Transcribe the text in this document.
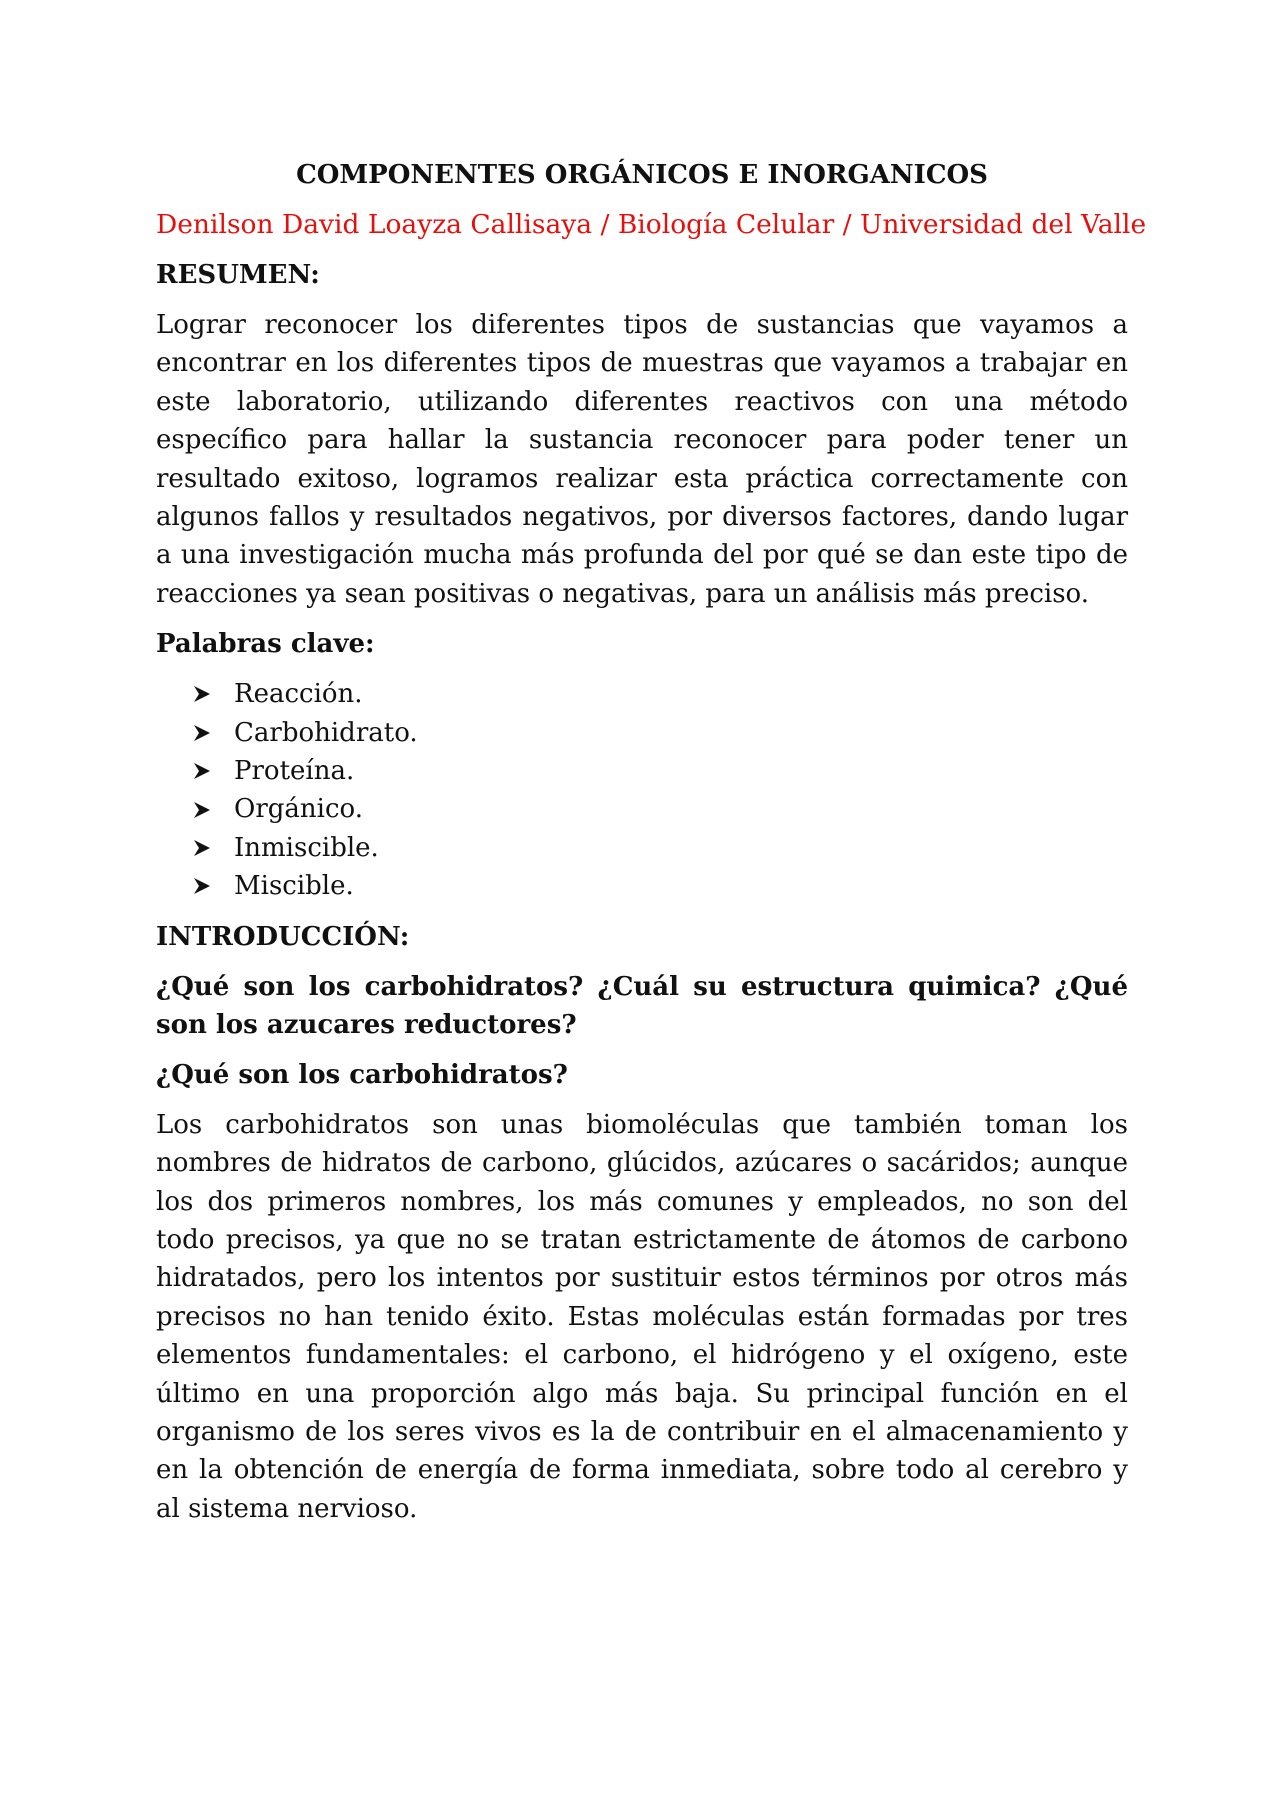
COMPONENTES ORGÁNICOS E INORGANICOS
Denilson David Loayza Callisaya / Biología Celular / Universidad del Valle
RESUMEN:
Lograr reconocer los diferentes tipos de sustancias que vayamos a encontrar en los diferentes tipos de muestras que vayamos a trabajar en este laboratorio, utilizando diferentes reactivos con una método específico para hallar la sustancia reconocer para poder tener un resultado exitoso, logramos realizar esta práctica correctamente con algunos fallos y resultados negativos, por diversos factores, dando lugar a una investigación mucha más profunda del por qué se dan este tipo de reacciones ya sean positivas o negativas, para un análisis más preciso.
Palabras clave:
Reacción.
Carbohidrato.
Proteína.
Orgánico.
Inmiscible.
Miscible.
INTRODUCCIÓN:
¿Qué son los carbohidratos? ¿Cuál su estructura quimica? ¿Qué son los azucares reductores?
¿Qué son los carbohidratos?
Los carbohidratos son unas biomoléculas que también toman los nombres de hidratos de carbono, glúcidos, azúcares o sacáridos; aunque los dos primeros nombres, los más comunes y empleados, no son del todo precisos, ya que no se tratan estrictamente de átomos de carbono hidratados, pero los intentos por sustituir estos términos por otros más precisos no han tenido éxito. Estas moléculas están formadas por tres elementos fundamentales: el carbono, el hidrógeno y el oxígeno, este último en una proporción algo más baja. Su principal función en el organismo de los seres vivos es la de contribuir en el almacenamiento y en la obtención de energía de forma inmediata, sobre todo al cerebro y al sistema nervioso.
